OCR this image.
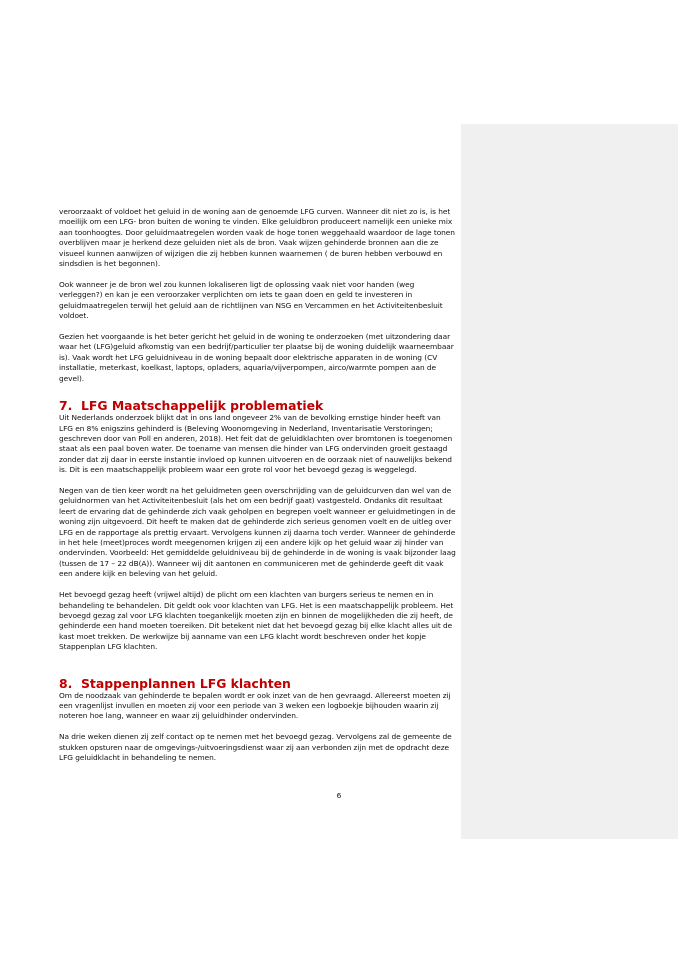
veroorzaakt of voldoet het geluid in de woning aan de genoemde LFG curven. Wanneer dit niet zo is, is het moeilijk om een LFG- bron buiten de woning te vinden. Elke geluidbron produceert namelijk een unieke mix aan toonhoogtes. Door geluidmaatregelen worden vaak de hoge tonen weggehaald waardoor de lage tonen overblijven maar je herkend deze geluiden niet als de bron. Vaak wijzen gehinderde bronnen aan die ze visueel kunnen aanwijzen of wijzigen die zij hebben kunnen waarnemen ( de buren hebben verbouwd en sindsdien is het begonnen).

Ook wanneer je de bron wel zou kunnen lokaliseren ligt de oplossing vaak niet voor handen (weg verleggen?) en kan je een veroorzaker verplichten om iets te gaan doen en geld te investeren in geluidmaatregelen terwijl het geluid aan de richtlijnen van NSG en Vercammen en het Activiteitenbesluit voldoet.

Gezien het voorgaande is het beter gericht het geluid in de woning te onderzoeken (met uitzondering daar waar het (LFG)geluid afkomstig van een bedrijf/particulier ter plaatse bij de woning duidelijk waarneembaar is). Vaak wordt het LFG geluidniveau in de woning bepaalt door elektrische apparaten in de woning (CV installatie, meterkast, koelkast, laptops, opladers, aquaria/vijverpompen, airco/warmte pompen aan de gevel).

7. LFG Maatschappelijk problematiek

Uit Nederlands onderzoek blijkt dat in ons land ongeveer 2% van de bevolking ernstige hinder heeft van LFG en 8% enigszins gehinderd is (Beleving Woonomgeving in Nederland, Inventarisatie Verstoringen; geschreven door van Poll en anderen, 2018). Het feit dat de geluidklachten over bromtonen is toegenomen staat als een paal boven water. De toename van mensen die hinder van LFG ondervinden groeit gestaagd zonder dat zij daar in eerste instantie invloed op kunnen uitvoeren en de oorzaak niet of nauwelijks bekend is. Dit is een maatschappelijk probleem waar een grote rol voor het bevoegd gezag is weggelegd.

Negen van de tien keer wordt na het geluidmeten geen overschrijding van de geluidcurven dan wel van de geluidnormen van het Activiteitenbesluit (als het om een bedrijf gaat) vastgesteld. Ondanks dit resultaat leert de ervaring dat de gehinderde zich vaak geholpen en begrepen voelt wanneer er geluidmetingen in de woning zijn uitgevoerd. Dit heeft te maken dat de gehinderde zich serieus genomen voelt en de uitleg over LFG en de rapportage als prettig ervaart. Vervolgens kunnen zij daarna toch verder. Wanneer de gehinderde in het hele (meet)proces wordt meegenomen krijgen zij een andere kijk op het geluid waar zij hinder van ondervinden. Voorbeeld: Het gemiddelde geluidniveau bij de gehinderde in de woning is vaak bijzonder laag (tussen de 17 – 22 dB(A)). Wanneer wij dit aantonen en communiceren met de gehinderde geeft dit vaak een andere kijk en beleving van het geluid.

Het bevoegd gezag heeft (vrijwel altijd) de plicht om een klachten van burgers serieus te nemen en in behandeling te behandelen. Dit geldt ook voor klachten van LFG. Het is een maatschappelijk probleem. Het bevoegd gezag zal voor LFG klachten toegankelijk moeten zijn en binnen de mogelijkheden die zij heeft, de gehinderde een hand moeten toereiken. Dit betekent niet dat het bevoegd gezag bij elke klacht alles uit de kast moet trekken. De werkwijze bij aanname van een LFG klacht wordt beschreven onder het kopje Stappenplan LFG klachten.

8. Stappenplannen LFG klachten

Om de noodzaak van gehinderde te bepalen wordt er ook inzet van de hen gevraagd. Allereerst moeten zij een vragenlijst invullen en moeten zij voor een periode van 3 weken een logboekje bijhouden waarin zij noteren hoe lang, wanneer en waar zij geluidhinder ondervinden.

Na drie weken dienen zij zelf contact op te nemen met het bevoegd gezag. Vervolgens zal de gemeente de stukken opsturen naar de omgevings-/uitvoeringsdienst waar zij aan verbonden zijn met de opdracht deze LFG geluidklacht in behandeling te nemen.

6
